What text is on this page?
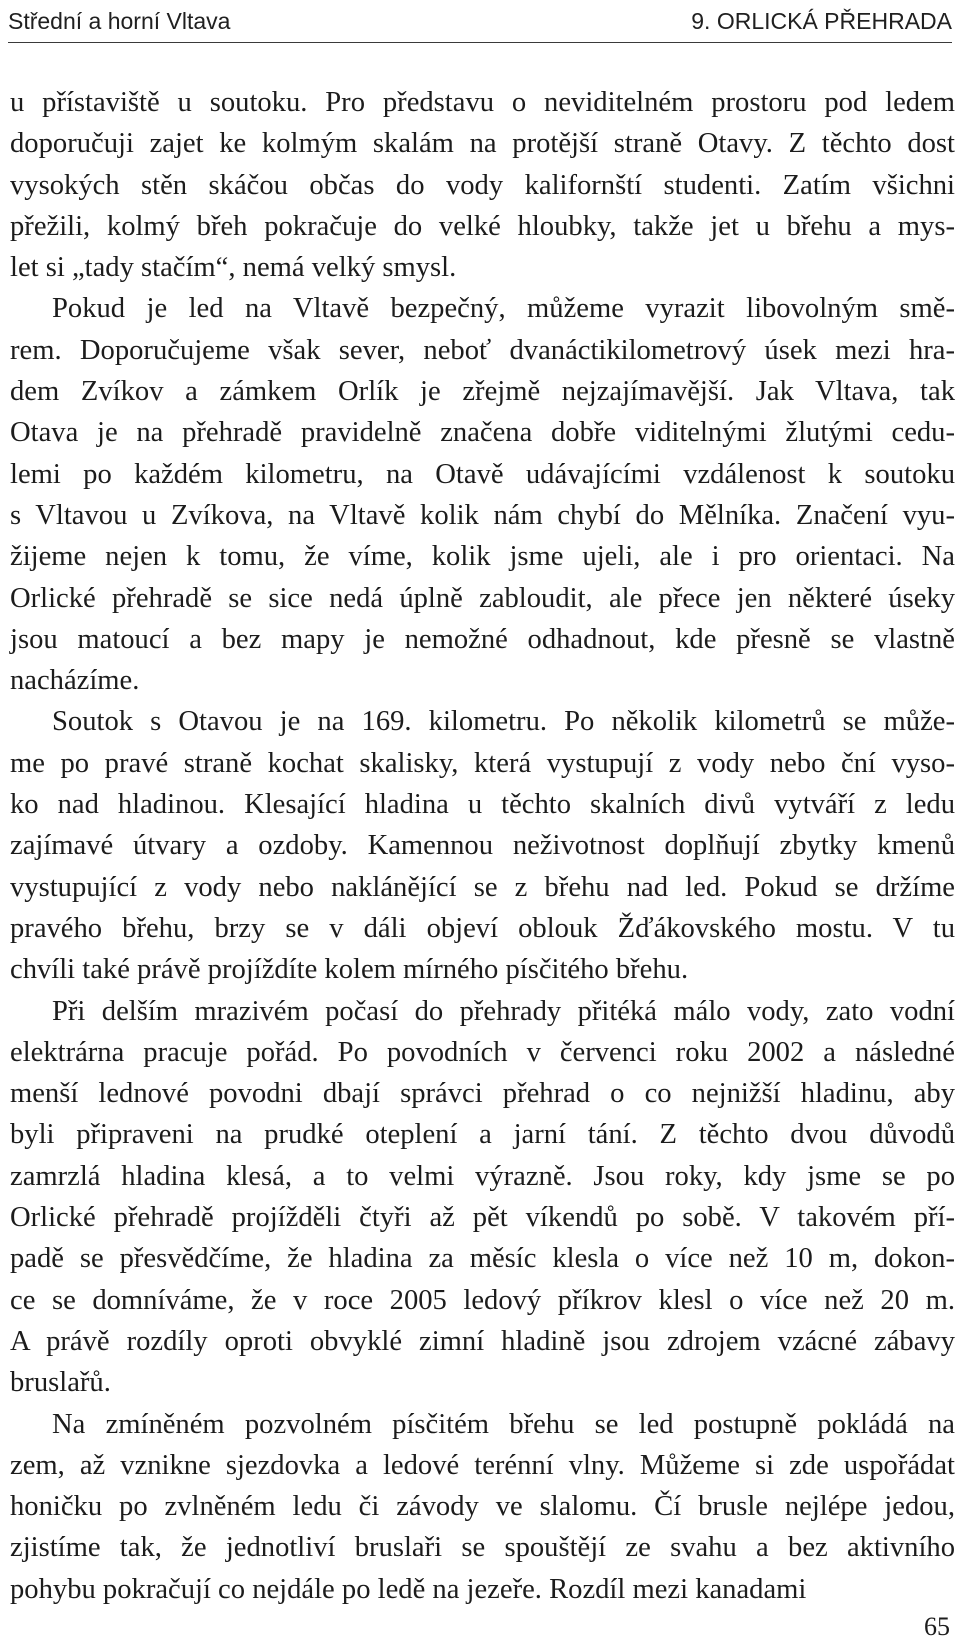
Střední a horní Vltava	9. ORLICKÁ PŘEHRADA
u přístaviště u soutoku. Pro představu o neviditelném prostoru pod ledem
doporučuji zajet ke kolmým skalám na protější straně Otavy. Z těchto dost
vysokých stěn skáčou občas do vody kalifornští studenti. Zatím všichni
přežili, kolmý břeh pokračuje do velké hloubky, takže jet u břehu a mys-
let si „tady stačím“, nemá velký smysl.
Pokud je led na Vltavě bezpečný, můžeme vyrazit libovolným smě-
rem. Doporučujeme však sever, neboť dvanáctikilometrový úsek mezi hra-
dem Zvíkov a zámkem Orlík je zřejmě nejzajímavější. Jak Vltava, tak
Otava je na přehradě pravidelně značena dobře viditelnými žlutými cedu-
lemi po každém kilometru, na Otavě udávajícími vzdálenost k soutoku
s Vltavou u Zvíkova, na Vltavě kolik nám chybí do Mělníka. Značení vyu-
žijeme nejen k tomu, že víme, kolik jsme ujeli, ale i pro orientaci. Na
Orlické přehradě se sice nedá úplně zabloudit, ale přece jen některé úseky
jsou matoucí a bez mapy je nemožné odhadnout, kde přesně se vlastně
nacházíme.
Soutok s Otavou je na 169. kilometru. Po několik kilometrů se může-
me po pravé straně kochat skalisky, která vystupují z vody nebo ční vyso-
ko nad hladinou. Klesající hladina u těchto skalních divů vytváří z ledu
zajímavé útvary a ozdoby. Kamennou neživotnost doplňují zbytky kmenů
vystupující z vody nebo naklánějící se z břehu nad led. Pokud se držíme
pravého břehu, brzy se v dáli objeví oblouk Žďákovského mostu. V tu
chvíli také právě projíždíte kolem mírného písčitého břehu.
Při delším mrazivém počasí do přehrady přitéká málo vody, zato vodní
elektrárna pracuje pořád. Po povodních v červenci roku 2002 a následné
menší lednové povodni dbají správci přehrad o co nejnižší hladinu, aby
byli připraveni na prudké oteplení a jarní tání. Z těchto dvou důvodů
zamrzlá hladina klesá, a to velmi výrazně. Jsou roky, kdy jsme se po
Orlické přehradě projížděli čtyři až pět víkendů po sobě. V takovém pří-
padě se přesvědčíme, že hladina za měsíc klesla o více než 10 m, dokon-
ce se domníváme, že v roce 2005 ledový příkrov klesl o více než 20 m.
A právě rozdíly oproti obvyklé zimní hladině jsou zdrojem vzácné zábavy
bruslařů.
Na zmíněném pozvolném písčitém břehu se led postupně pokládá na
zem, až vznikne sjezdovka a ledové terénní vlny. Můžeme si zde uspořádat
honičku po zvlněném ledu či závody ve slalomu. Čí brusle nejlépe jedou,
zjistíme tak, že jednotliví bruslaři se spouštějí ze svahu a bez aktivního
pohybu pokračují co nejdále po ledě na jezeře. Rozdíl mezi kanadami
65
